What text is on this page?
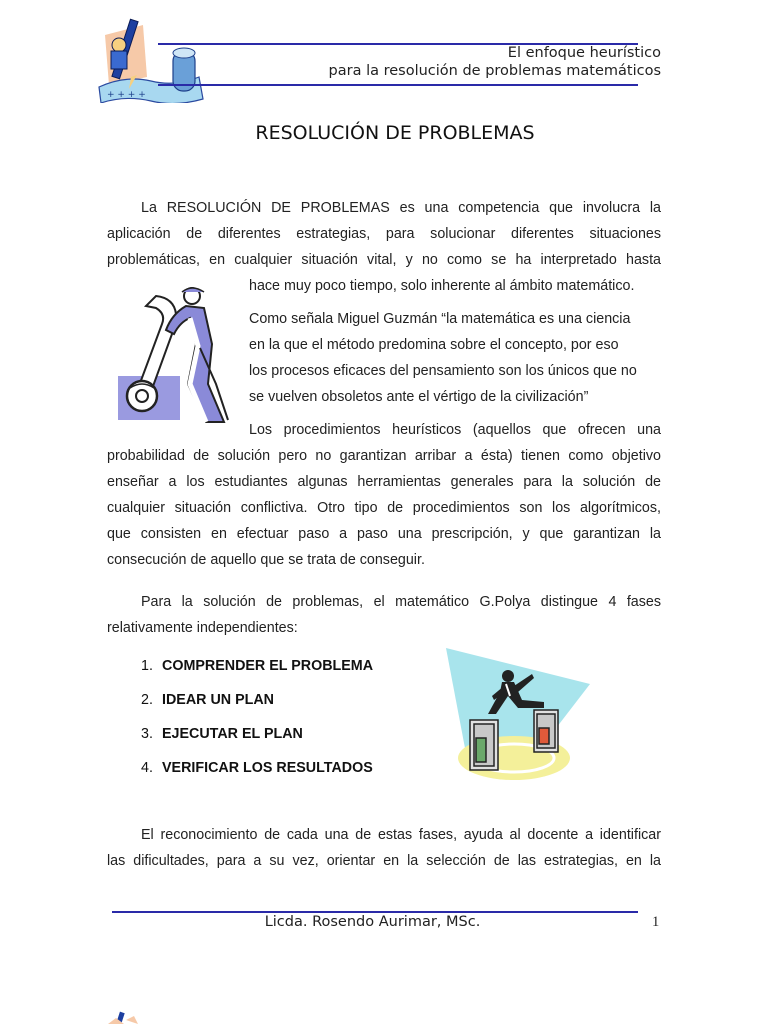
+ + + +
El enfoque heurístico
para la resolución de problemas matemáticos
RESOLUCIÓN DE PROBLEMAS
La RESOLUCIÓN DE PROBLEMAS es una competencia que involucra la
aplicación de diferentes estrategias, para solucionar diferentes situaciones
problemáticas, en cualquier situación vital, y no como se ha interpretado hasta
hace muy poco tiempo, solo inherente al ámbito matemático.
Como señala Miguel Guzmán “la matemática es una ciencia
en la que el método predomina sobre el concepto, por eso
los procesos eficaces del pensamiento son los únicos que no
se vuelven obsoletos ante el vértigo de la civilización”
Los procedimientos heurísticos (aquellos que ofrecen una
probabilidad de solución pero no garantizan arribar a ésta) tienen como objetivo
enseñar a los estudiantes algunas herramientas generales para la solución de
cualquier situación conflictiva. Otro tipo de procedimientos son los algorítmicos,
que consisten en efectuar paso a paso una prescripción, y que garantizan la
consecución de aquello que se trata de conseguir.
Para la solución de problemas, el matemático G.Polya distingue 4 fases
relativamente independientes:
1. COMPRENDER EL PROBLEMA
2. IDEAR UN PLAN
3. EJECUTAR EL PLAN
4. VERIFICAR LOS RESULTADOS
El reconocimiento de cada una de estas fases, ayuda al docente a identificar
las dificultades, para a su vez, orientar en la selección de las estrategias, en la
Licda. Rosendo Aurimar, MSc.	1
